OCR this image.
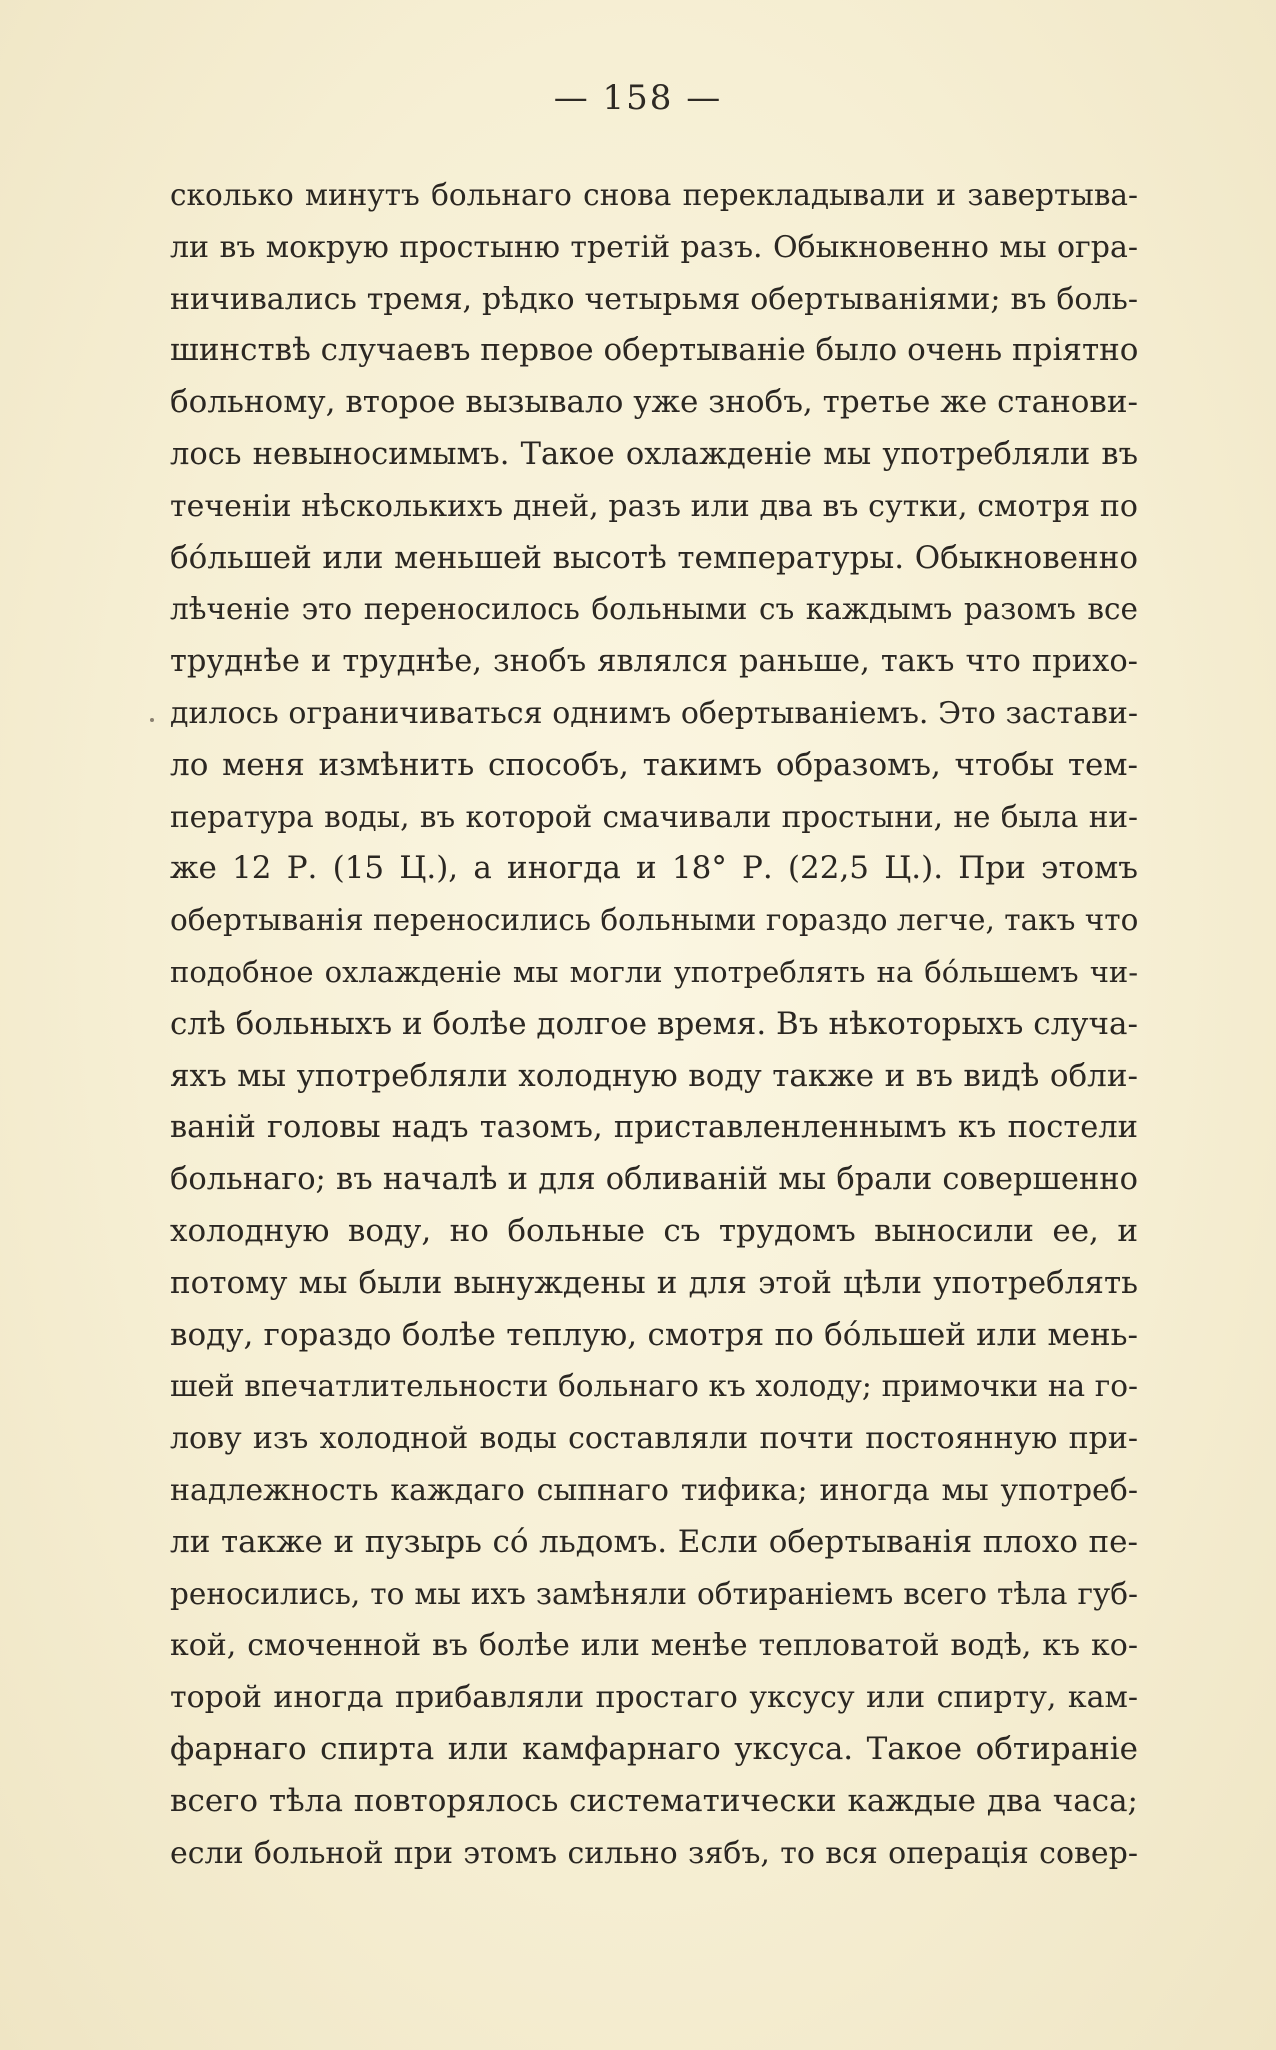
— 158 —
сколько минутъ больнаго снова перекладывали и завертыва-
ли въ мокрую простыню третій разъ. Обыкновенно мы огра-
ничивались тремя, рѣдко четырьмя обертываніями; въ боль-
шинствѣ случаевъ первое обертываніе было очень пріятно
больному, второе вызывало уже знобъ, третье же станови-
лось невыносимымъ. Такое охлажденіе мы употребляли въ
теченіи нѣсколькихъ дней, разъ или два въ сутки, смотря по
бóльшей или меньшей высотѣ температуры. Обыкновенно
лѣченіе это переносилось больными съ каждымъ разомъ все
труднѣе и труднѣе, знобъ являлся раньше, такъ что прихо-
дилось ограничиваться однимъ обертываніемъ. Это застави-
ло меня измѣнить способъ, такимъ образомъ, чтобы тем-
пература воды, въ которой смачивали простыни, не была ни-
же 12 Р. (15 Ц.), а иногда и 18° Р. (22,5 Ц.). При этомъ
обертыванія переносились больными гораздо легче, такъ что
подобное охлажденіе мы могли употреблять на бóльшемъ чи-
слѣ больныхъ и болѣе долгое время. Въ нѣкоторыхъ случа-
яхъ мы употребляли холодную воду также и въ видѣ обли-
ваній головы надъ тазомъ, приставленленнымъ къ постели
больнаго; въ началѣ и для обливаній мы брали совершенно
холодную воду, но больные съ трудомъ выносили ее, и
потому мы были вынуждены и для этой цѣли употреблять
воду, гораздо болѣе теплую, смотря по бóльшей или мень-
шей впечатлительности больнаго къ холоду; примочки на го-
лову изъ холодной воды составляли почти постоянную при-
надлежность каждаго сыпнаго тифика; иногда мы употреб-
ли также и пузырь сó льдомъ. Если обертыванія плохо пе-
реносились, то мы ихъ замѣняли обтираніемъ всего тѣла губ-
кой, смоченной въ болѣе или менѣе тепловатой водѣ, къ ко-
торой иногда прибавляли простаго уксусу или спирту, кам-
фарнаго спирта или камфарнаго уксуса. Такое обтираніе
всего тѣла повторялось систематически каждые два часа;
если больной при этомъ сильно зябъ, то вся операція совер-
